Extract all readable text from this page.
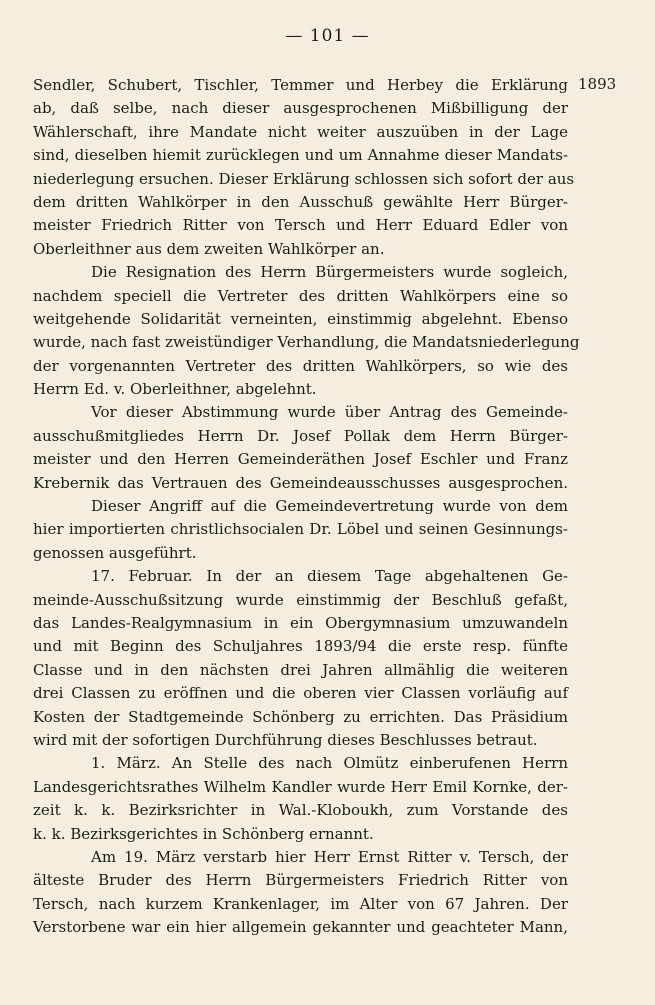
— 101 —
1893
Sendler, Schubert, Tischler, Temmer und Herbey die Erklärung
ab, daß selbe, nach dieser ausgesprochenen Mißbilligung der
Wählerschaft, ihre Mandate nicht weiter auszuüben in der Lage
sind, dieselben hiemit zurücklegen und um Annahme dieser Mandats-
niederlegung ersuchen. Dieser Erklärung schlossen sich sofort der aus
dem dritten Wahlkörper in den Ausschuß gewählte Herr Bürger-
meister Friedrich Ritter von Tersch und Herr Eduard Edler von
Oberleithner aus dem zweiten Wahlkörper an.
Die Resignation des Herrn Bürgermeisters wurde sogleich,
nachdem speciell die Vertreter des dritten Wahlkörpers eine so
weitgehende Solidarität verneinten, einstimmig abgelehnt. Ebenso
wurde, nach fast zweistündiger Verhandlung, die Mandatsniederlegung
der vorgenannten Vertreter des dritten Wahlkörpers, so wie des
Herrn Ed. v. Oberleithner, abgelehnt.
Vor dieser Abstimmung wurde über Antrag des Gemeinde-
ausschußmitgliedes Herrn Dr. Josef Pollak dem Herrn Bürger-
meister und den Herren Gemeinderäthen Josef Eschler und Franz
Krebernik das Vertrauen des Gemeindeausschusses ausgesprochen.
Dieser Angriff auf die Gemeindevertretung wurde von dem
hier importierten christlichsocialen Dr. Löbel und seinen Gesinnungs-
genossen ausgeführt.
17. Februar. In der an diesem Tage abgehaltenen Ge-
meinde-Ausschußsitzung wurde einstimmig der Beschluß gefaßt,
das Landes-Realgymnasium in ein Obergymnasium umzuwandeln
und mit Beginn des Schuljahres 1893/94 die erste resp. fünfte
Classe und in den nächsten drei Jahren allmählig die weiteren
drei Classen zu eröffnen und die oberen vier Classen vorläufig auf
Kosten der Stadtgemeinde Schönberg zu errichten. Das Präsidium
wird mit der sofortigen Durchführung dieses Beschlusses betraut.
1. März. An Stelle des nach Olmütz einberufenen Herrn
Landesgerichtsrathes Wilhelm Kandler wurde Herr Emil Kornke, der-
zeit k. k. Bezirksrichter in Wal.-Kloboukh, zum Vorstande des
k. k. Bezirksgerichtes in Schönberg ernannt.
Am 19. März verstarb hier Herr Ernst Ritter v. Tersch, der
älteste Bruder des Herrn Bürgermeisters Friedrich Ritter von
Tersch, nach kurzem Krankenlager, im Alter von 67 Jahren. Der
Verstorbene war ein hier allgemein gekannter und geachteter Mann,
